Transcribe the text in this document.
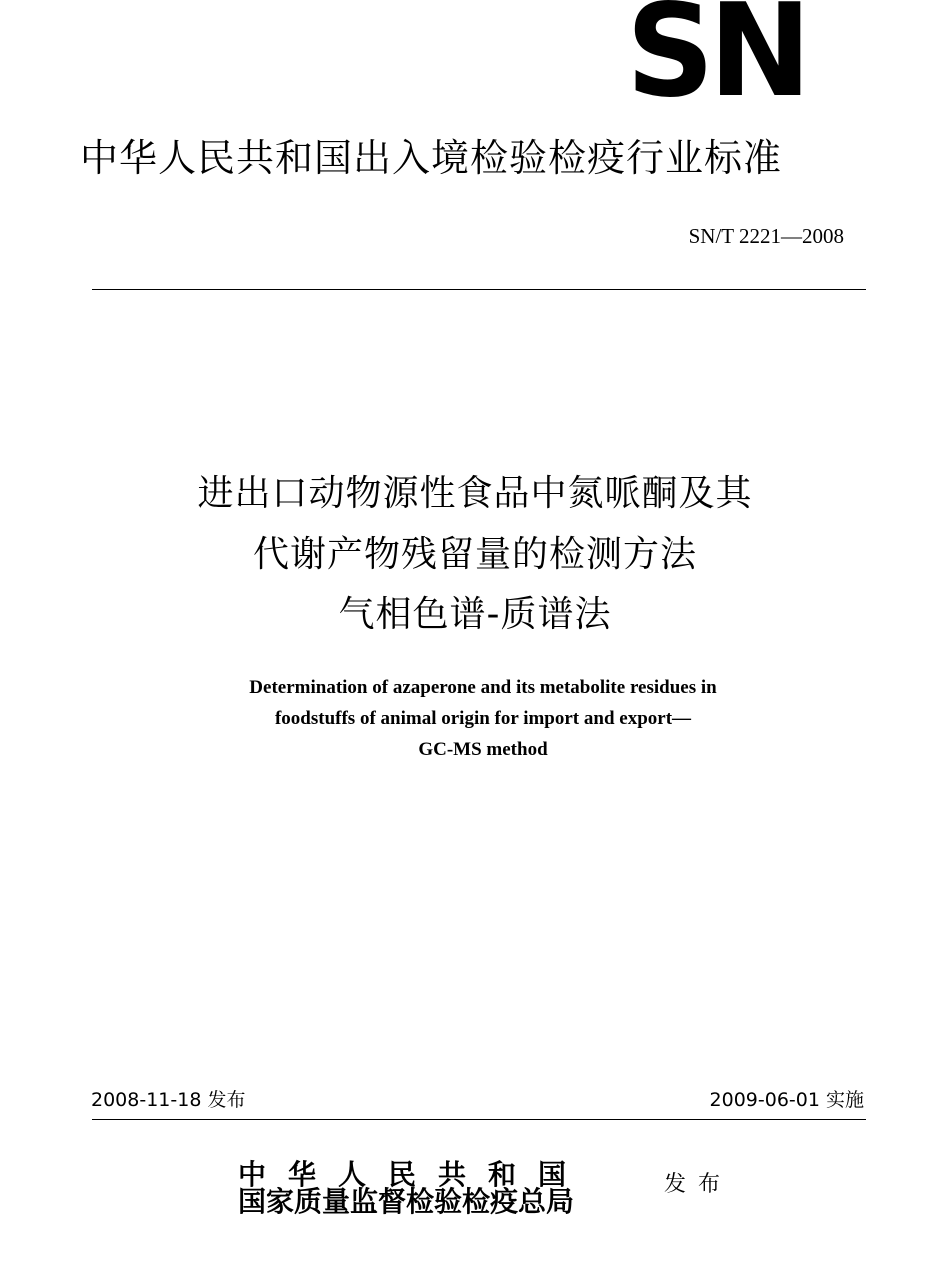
SN
中华人民共和国出入境检验检疫行业标准
SN/T 2221—2008
进出口动物源性食品中氮哌酮及其
代谢产物残留量的检测方法
气相色谱-质谱法
Determination of azaperone and its metabolite residues in
foodstuffs of animal origin for import and export—
GC-MS method
2008-11-18 发布	2009-06-01 实施
中华人民共和国
国家质量监督检验检疫总局
发布
